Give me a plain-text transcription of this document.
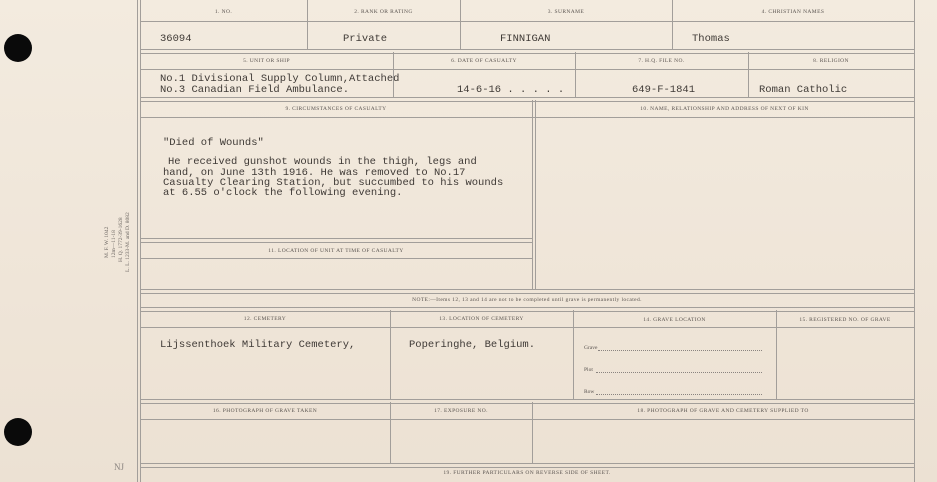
M. F. W. 1042 12m—11-18 H. Q. 1772-39-1628 L. L. 1233-M. and D. 8082
NJ
1. NO.	2. RANK OR RATING	3. SURNAME	4. CHRISTIAN NAMES
36094	Private	FINNIGAN	Thomas
5. UNIT OR SHIP	6. DATE OF CASUALTY	7. H.Q. FILE NO.	8. RELIGION
No.1 Divisional Supply Column,Attached
No.3 Canadian Field Ambulance.	14-6-16 . . . . .	649-F-1841	Roman Catholic
9. CIRCUMSTANCES OF CASUALTY	10. NAME, RELATIONSHIP AND ADDRESS OF NEXT OF KIN
"Died of Wounds"
He received gunshot wounds in the thigh, legs and
hand, on June 13th 1916. He was removed to No.17
Casualty Clearing Station, but succumbed to his wounds
at 6.55 o'clock the following evening.
11. LOCATION OF UNIT AT TIME OF CASUALTY
NOTE:—Items 12, 13 and 14 are not to be completed until grave is permanently located.
12. CEMETERY	13. LOCATION OF CEMETERY	14. GRAVE LOCATION	15. REGISTERED NO. OF GRAVE
Lijssenthoek Military Cemetery,	Poperinghe, Belgium.	Grave
Plot
Row
16. PHOTOGRAPH OF GRAVE TAKEN	17. EXPOSURE NO.	18. PHOTOGRAPH OF GRAVE AND CEMETERY SUPPLIED TO
19. FURTHER PARTICULARS ON REVERSE SIDE OF SHEET.
